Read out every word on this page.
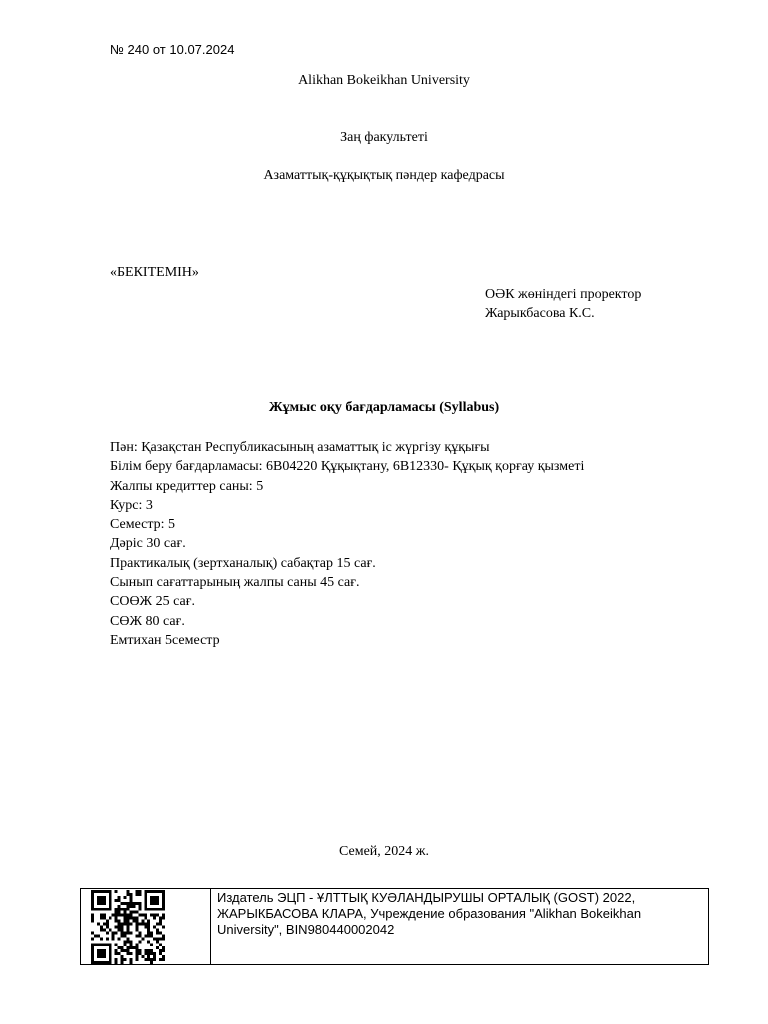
№ 240 от 10.07.2024
Alikhan Bokeikhan University
Заң факультеті
Азаматтық-құқықтық пәндер кафедрасы
«БЕКІТЕМІН»
ОӘК жөніндегі проректор
Жарыкбасова К.С.
Жұмыс оқу бағдарламасы (Syllabus)
Пән: Қазақстан Республикасының азаматтық іс жүргізу құқығы
Білім беру бағдарламасы: 6В04220 Құқықтану, 6В12330- Құқық қорғау қызметі
Жалпы кредиттер саны: 5
Курс: 3
Семестр: 5
Дәріс 30 сағ.
Практикалық (зертханалық) сабақтар 15 сағ.
Сынып сағаттарының жалпы саны 45 сағ.
СОӨЖ 25 сағ.
СӨЖ 80 сағ.
Емтихан 5семестр
Семей, 2024 ж.
Издатель ЭЦП - ҰЛТТЫҚ КУӘЛАНДЫРУШЫ ОРТАЛЫҚ (GOST) 2022,
ЖАРЫКБАСОВА КЛАРА, Учреждение образования "Alikhan Bokeikhan
University", BIN980440002042
